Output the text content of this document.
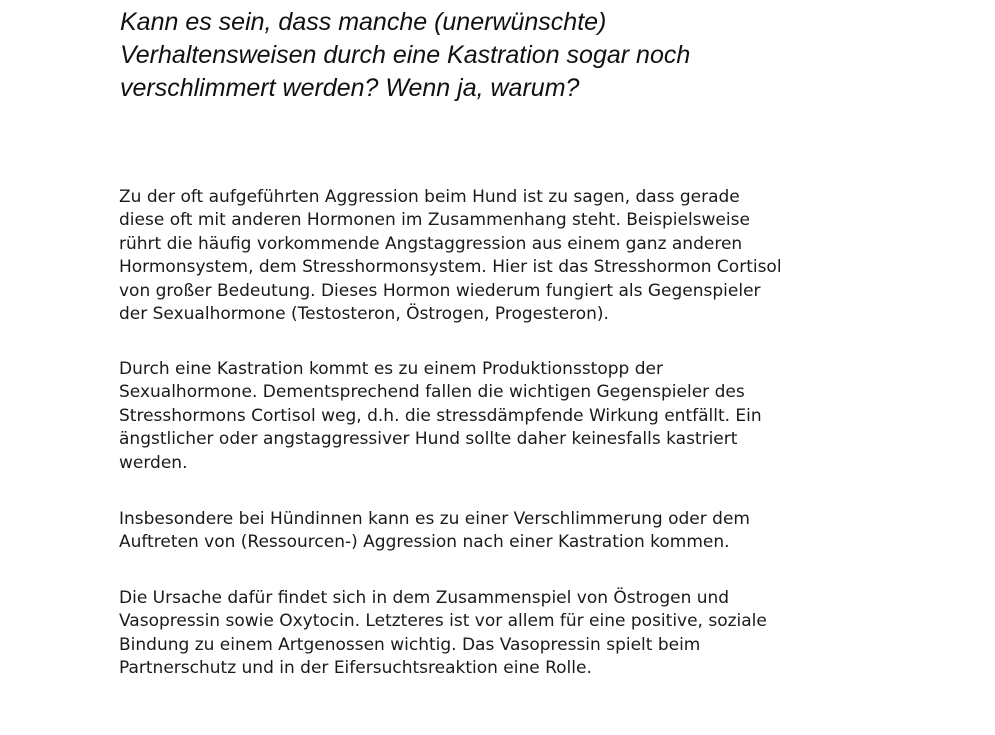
Kann es sein, dass manche (unerwünschte)
Verhaltensweisen durch eine Kastration sogar noch
verschlimmert werden? Wenn ja, warum?

Zu der oft aufgeführten Aggression beim Hund ist zu sagen, dass gerade
diese oft mit anderen Hormonen im Zusammenhang steht. Beispielsweise
rührt die häufig vorkommende Angstaggression aus einem ganz anderen
Hormonsystem, dem Stresshormonsystem. Hier ist das Stresshormon Cortisol
von großer Bedeutung. Dieses Hormon wiederum fungiert als Gegenspieler
der Sexualhormone (Testosteron, Östrogen, Progesteron).

Durch eine Kastration kommt es zu einem Produktionsstopp der
Sexualhormone. Dementsprechend fallen die wichtigen Gegenspieler des
Stresshormons Cortisol weg, d.h. die stressdämpfende Wirkung entfällt. Ein
ängstlicher oder angstaggressiver Hund sollte daher keinesfalls kastriert
werden.

Insbesondere bei Hündinnen kann es zu einer Verschlimmerung oder dem
Auftreten von (Ressourcen-) Aggression nach einer Kastration kommen.

Die Ursache dafür findet sich in dem Zusammenspiel von Östrogen und
Vasopressin sowie Oxytocin. Letzteres ist vor allem für eine positive, soziale
Bindung zu einem Artgenossen wichtig. Das Vasopressin spielt beim
Partnerschutz und in der Eifersuchtsreaktion eine Rolle.
